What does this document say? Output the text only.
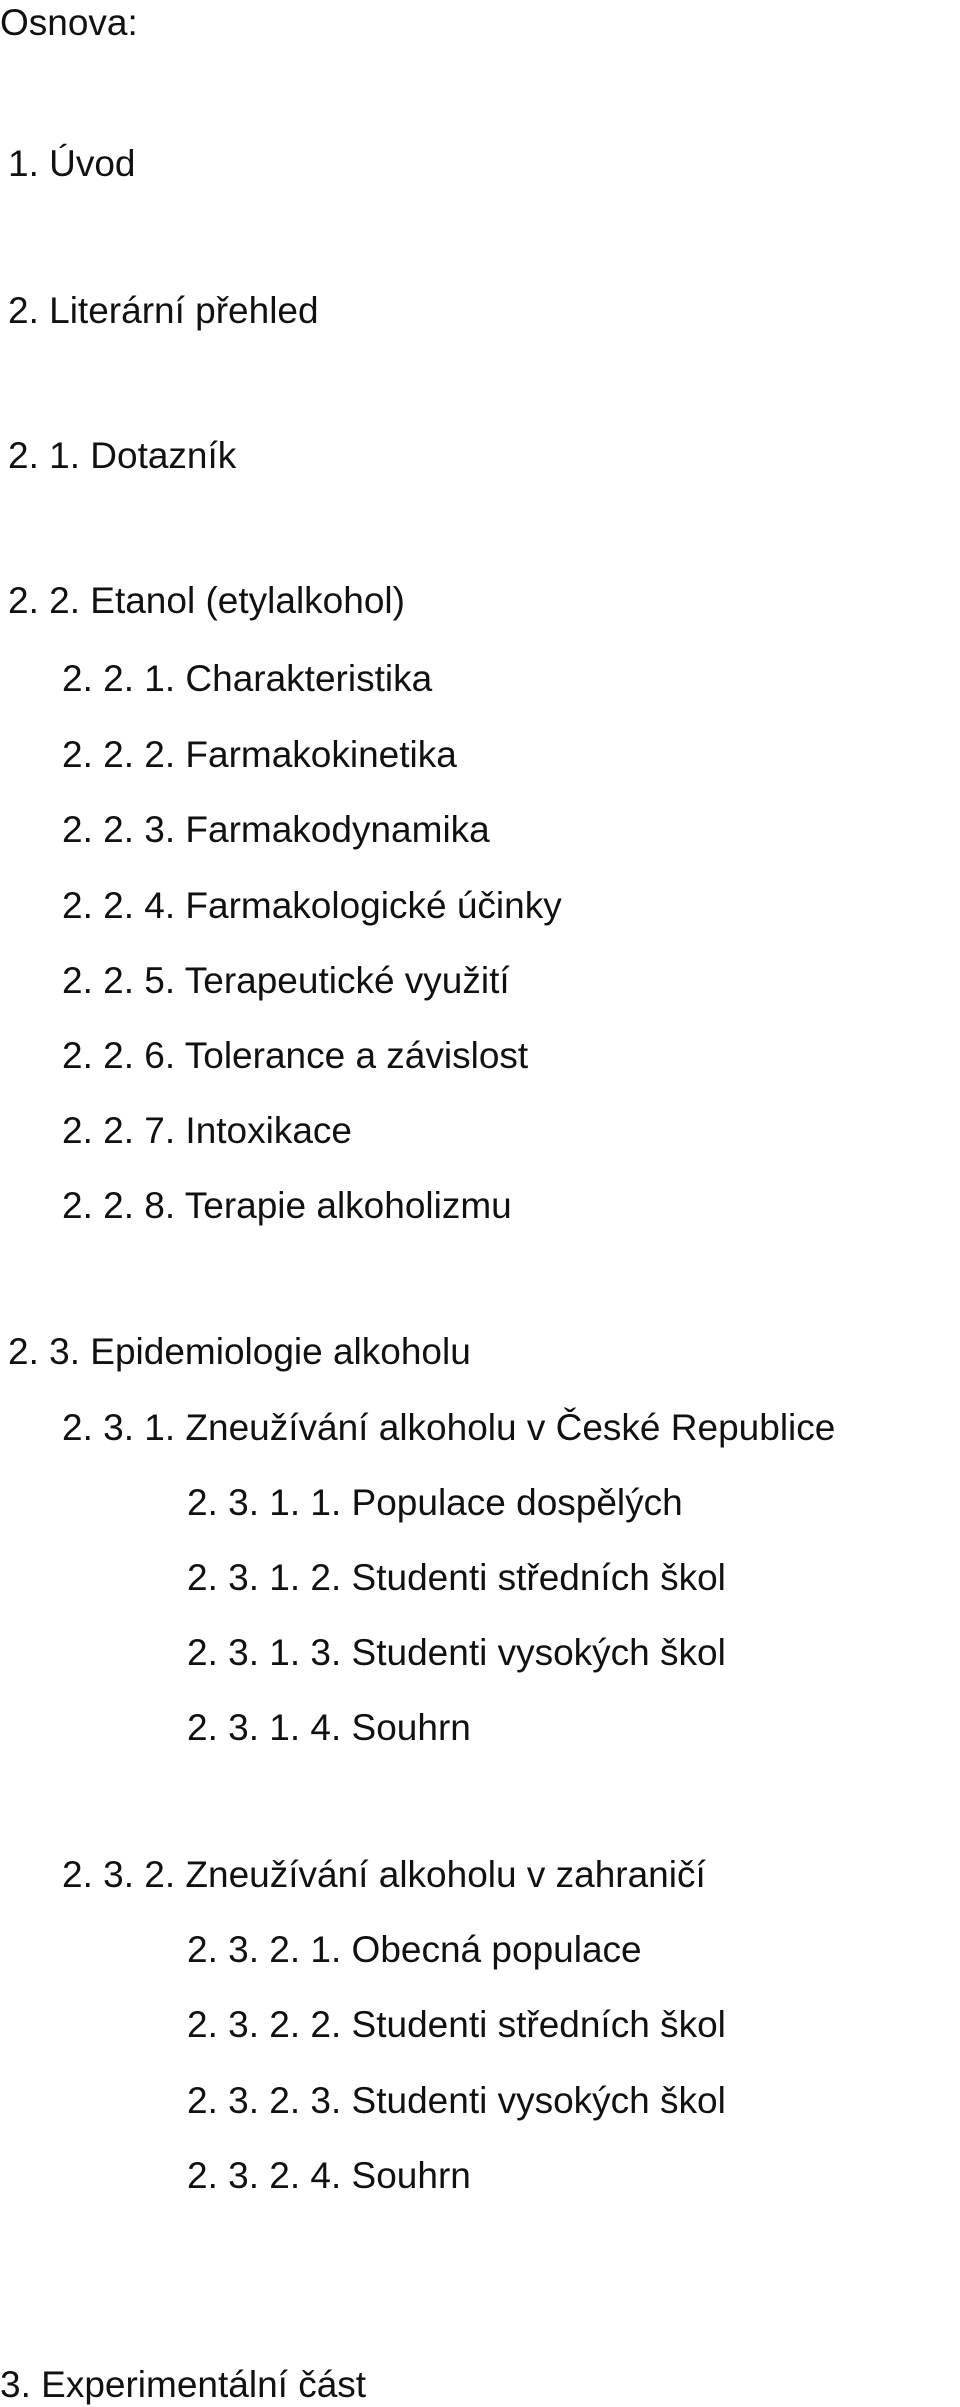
Osnova:
1. Úvod
2. Literární přehled
2. 1. Dotazník
2. 2. Etanol (etylalkohol)
2. 2. 1. Charakteristika
2. 2. 2. Farmakokinetika
2. 2. 3. Farmakodynamika
2. 2. 4. Farmakologické účinky
2. 2. 5. Terapeutické využití
2. 2. 6. Tolerance a závislost
2. 2. 7. Intoxikace
2. 2. 8. Terapie alkoholizmu
2. 3. Epidemiologie alkoholu
2. 3. 1. Zneužívání alkoholu v České Republice
2. 3. 1. 1. Populace dospělých
2. 3. 1. 2. Studenti středních škol
2. 3. 1. 3. Studenti vysokých škol
2. 3. 1. 4. Souhrn
2. 3. 2. Zneužívání alkoholu v zahraničí
2. 3. 2. 1. Obecná populace
2. 3. 2. 2. Studenti středních škol
2. 3. 2. 3. Studenti vysokých škol
2. 3. 2. 4. Souhrn
3. Experimentální část
